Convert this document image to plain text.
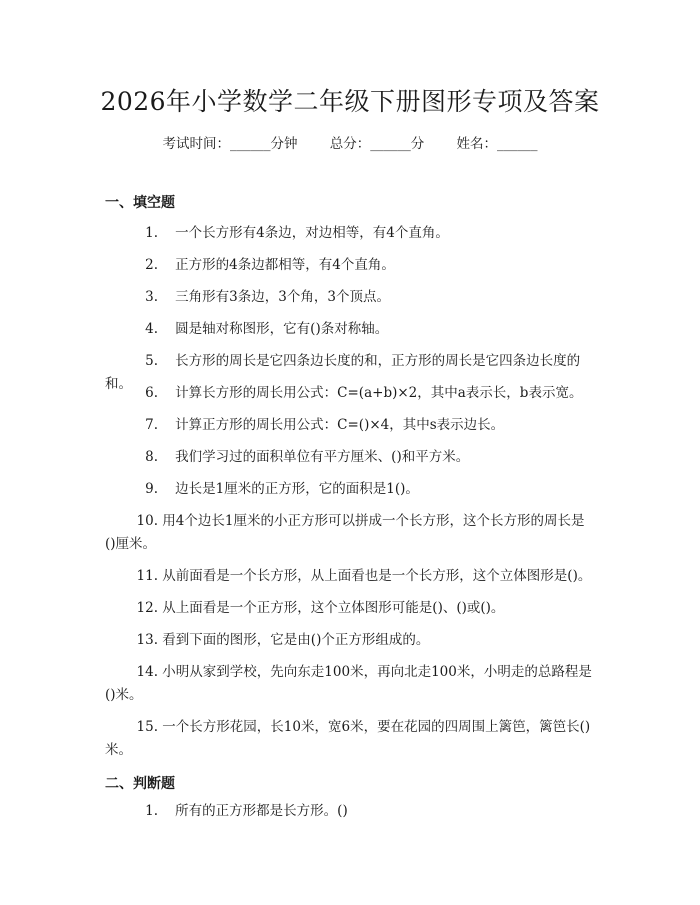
2026年小学数学二年级下册图形专项及答案
考试时间：______分钟 总分：______分 姓名：______
一、填空题
1. 一个长方形有4条边，对边相等，有4个直角。
2. 正方形的4条边都相等，有4个直角。
3. 三角形有3条边，3个角，3个顶点。
4. 圆是轴对称图形，它有()条对称轴。
5. 长方形的周长是它四条边长度的和，正方形的周长是它四条边长度的和。
6. 计算长方形的周长用公式：C=(a+b)×2，其中a表示长，b表示宽。
7. 计算正方形的周长用公式：C=()×4，其中s表示边长。
8. 我们学习过的面积单位有平方厘米、()和平方米。
9. 边长是1厘米的正方形，它的面积是1()。
10. 用4个边长1厘米的小正方形可以拼成一个长方形，这个长方形的周长是
()厘米。
11. 从前面看是一个长方形，从上面看也是一个长方形，这个立体图形是()。
12. 从上面看是一个正方形，这个立体图形可能是()、()或()。
13. 看到下面的图形，它是由()个正方形组成的。
14. 小明从家到学校，先向东走100米，再向北走100米，小明走的总路程是
()米。
15. 一个长方形花园，长10米，宽6米，要在花园的四周围上篱笆，篱笆长()
米。
二、判断题
1. 所有的正方形都是长方形。()
